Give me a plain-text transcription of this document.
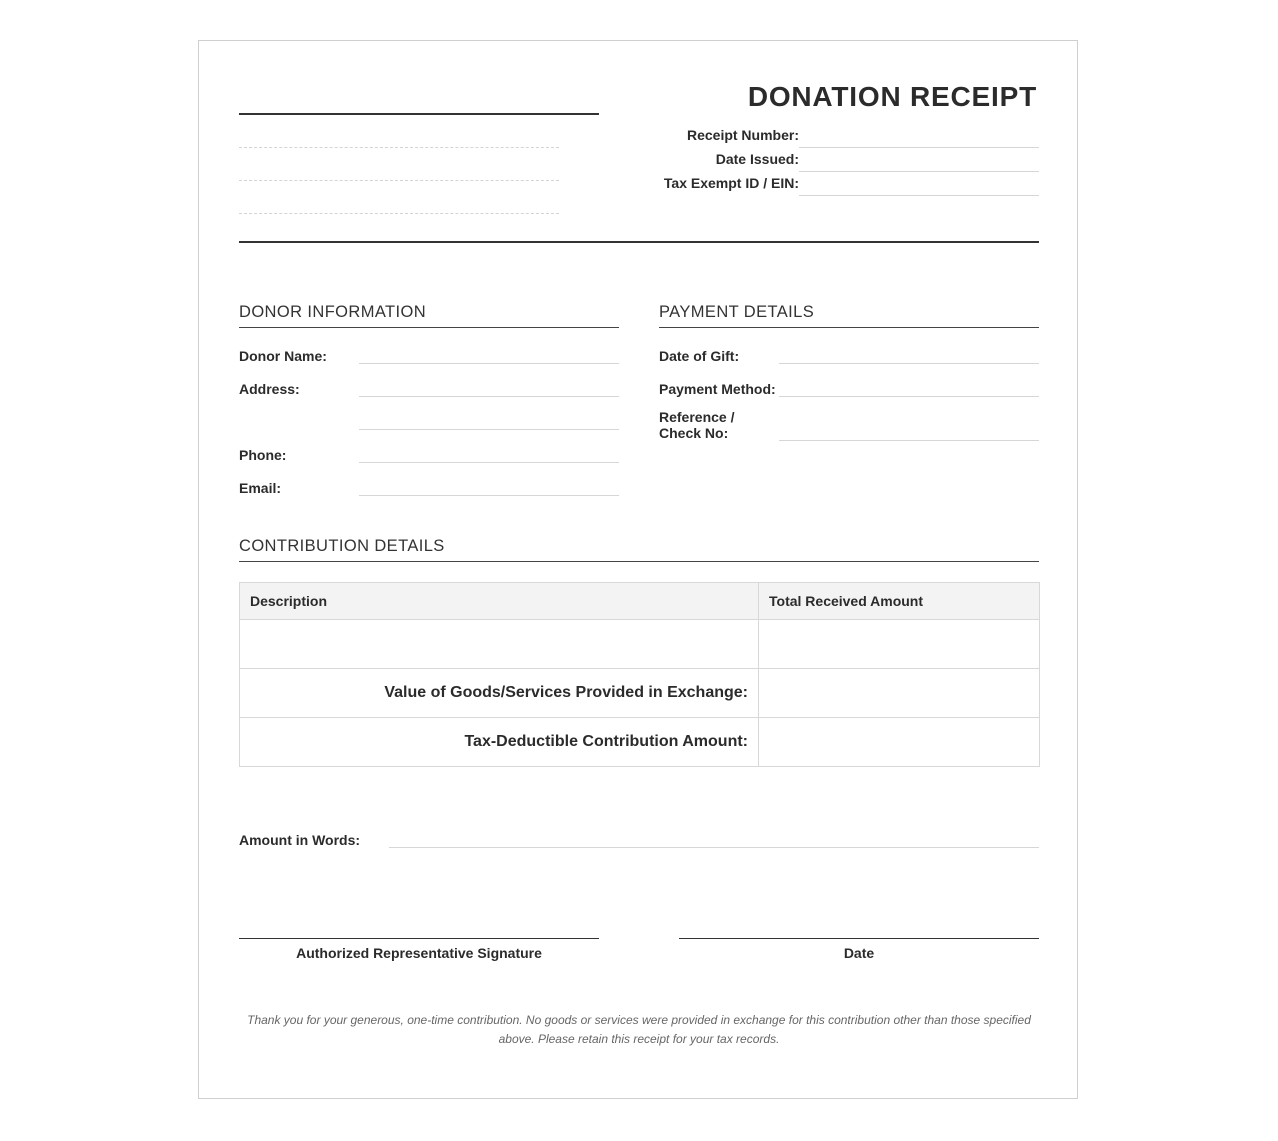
DONATION RECEIPT
Receipt Number:
Date Issued:
Tax Exempt ID / EIN:
DONOR INFORMATION
Donor Name:
Address:
Phone:
Email:
PAYMENT DETAILS
Date of Gift:
Payment Method:
Reference /
Check No:
CONTRIBUTION DETAILS
Description	Total Received Amount

Value of Goods/Services Provided in Exchange:	
Tax-Deductible Contribution Amount:	
Amount in Words:
Authorized Representative Signature	Date
Thank you for your generous, one-time contribution. No goods or services were provided in exchange for this contribution other than those specified
above. Please retain this receipt for your tax records.
